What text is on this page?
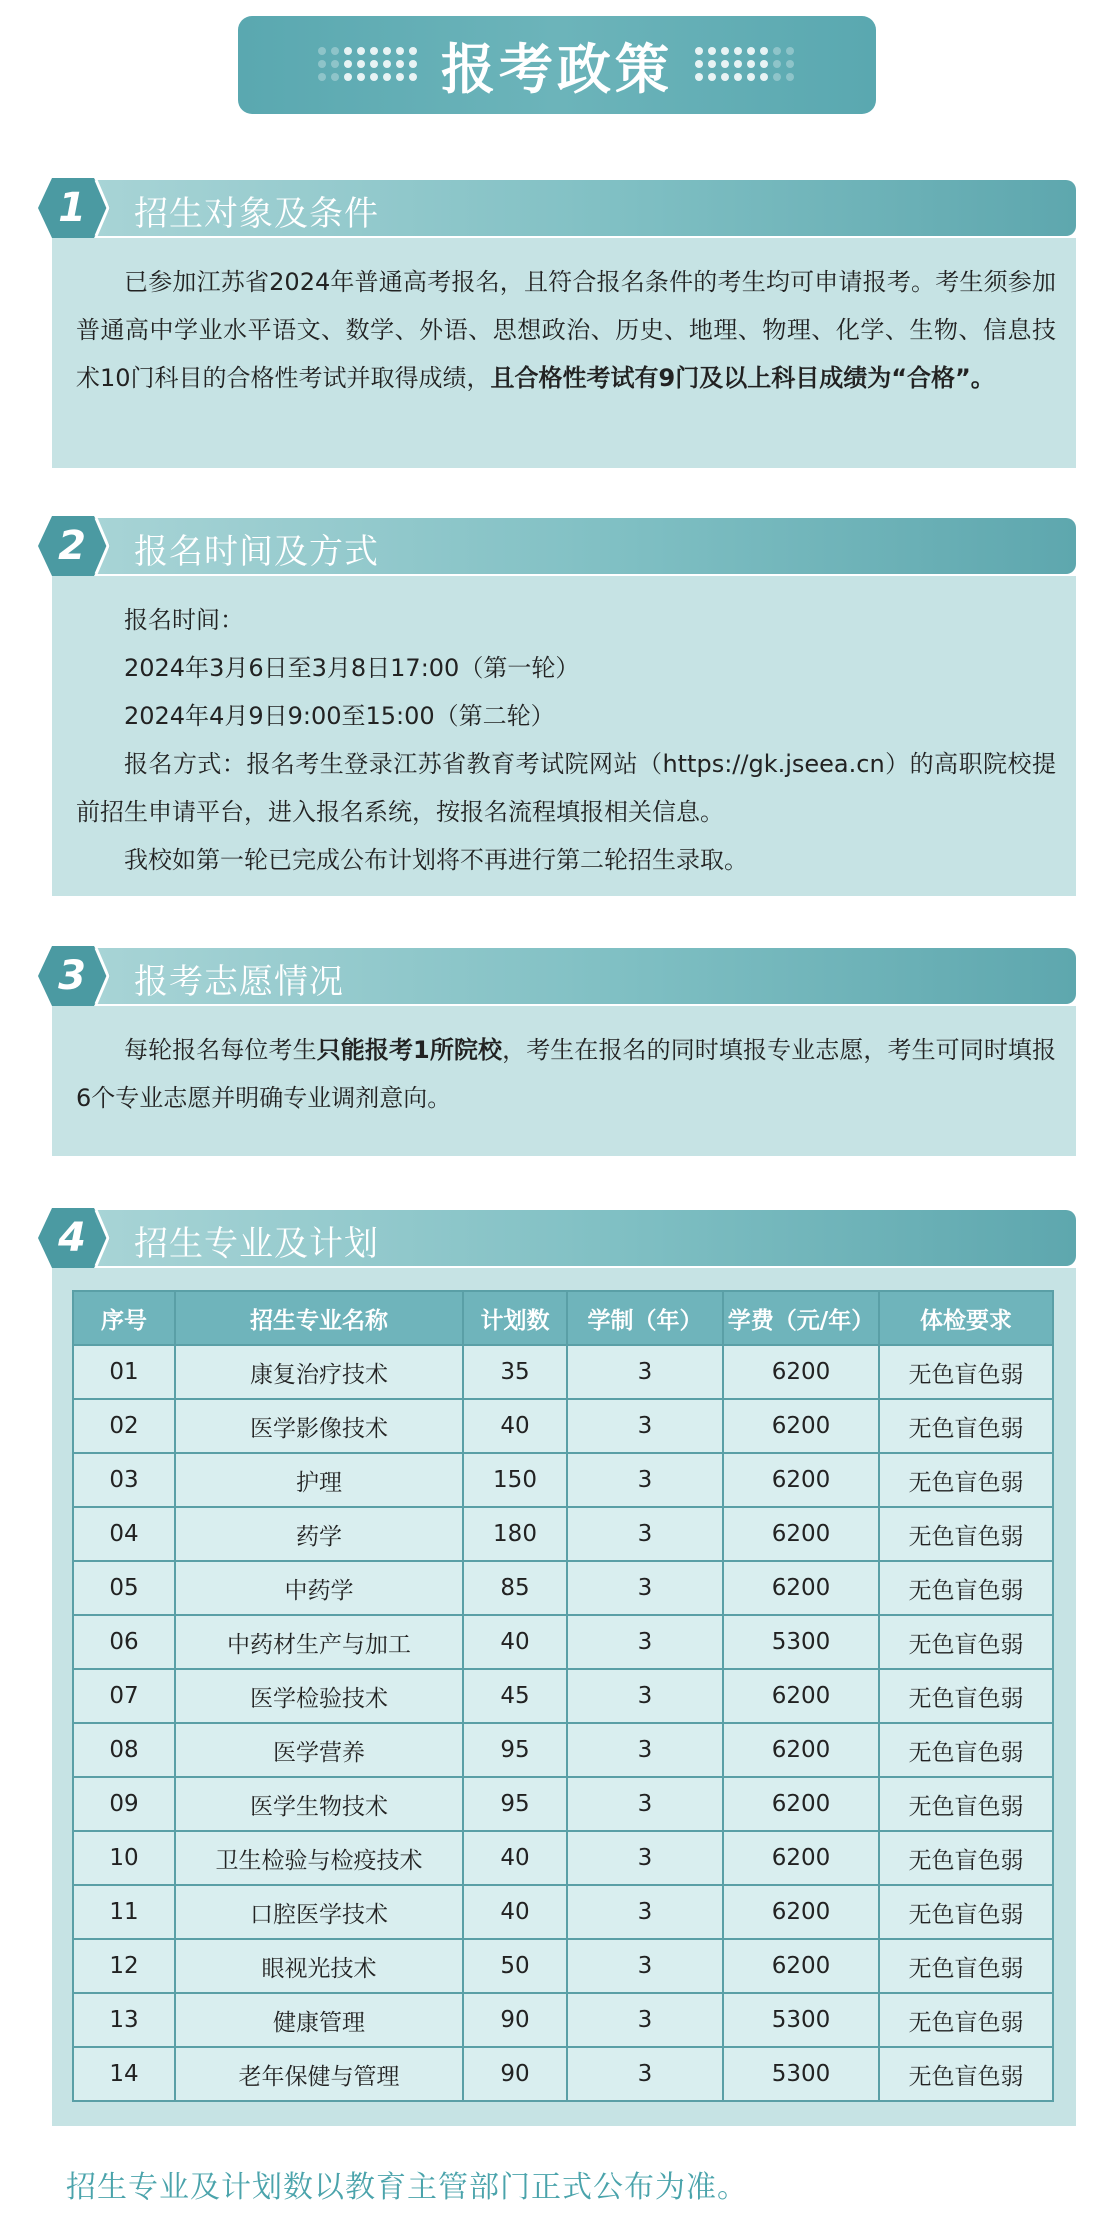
报考政策
1 招生对象及条件

已参加江苏省2024年普通高考报名，且符合报名条件的考生均可申请报考。考生须参加普通高中学业水平语文、数学、外语、思想政治、历史、地理、物理、化学、生物、信息技术10门科目的合格性考试并取得成绩，且合格性考试有9门及以上科目成绩为“合格”。

2 报名时间及方式

报名时间：

2024年3月6日至3月8日17:00（第一轮）

2024年4月9日9:00至15:00（第二轮）

报名方式：报名考生登录江苏省教育考试院网站（https://gk.jseea.cn）的高职院校提前招生申请平台，进入报名系统，按报名流程填报相关信息。

我校如第一轮已完成公布计划将不再进行第二轮招生录取。

3 报考志愿情况

每轮报名每位考生只能报考1所院校，考生在报名的同时填报专业志愿，考生可同时填报6个专业志愿并明确专业调剂意向。

4 招生专业及计划
序号	招生专业名称	计划数	学制（年）	学费（元/年）	体检要求
01	康复治疗技术	35	3	6200	无色盲色弱
02	医学影像技术	40	3	6200	无色盲色弱
03	护理	150	3	6200	无色盲色弱
04	药学	180	3	6200	无色盲色弱
05	中药学	85	3	6200	无色盲色弱
06	中药材生产与加工	40	3	5300	无色盲色弱
07	医学检验技术	45	3	6200	无色盲色弱
08	医学营养	95	3	6200	无色盲色弱
09	医学生物技术	95	3	6200	无色盲色弱
10	卫生检验与检疫技术	40	3	6200	无色盲色弱
11	口腔医学技术	40	3	6200	无色盲色弱
12	眼视光技术	50	3	6200	无色盲色弱
13	健康管理	90	3	5300	无色盲色弱
14	老年保健与管理	90	3	5300	无色盲色弱
招生专业及计划数以教育主管部门正式公布为准。
